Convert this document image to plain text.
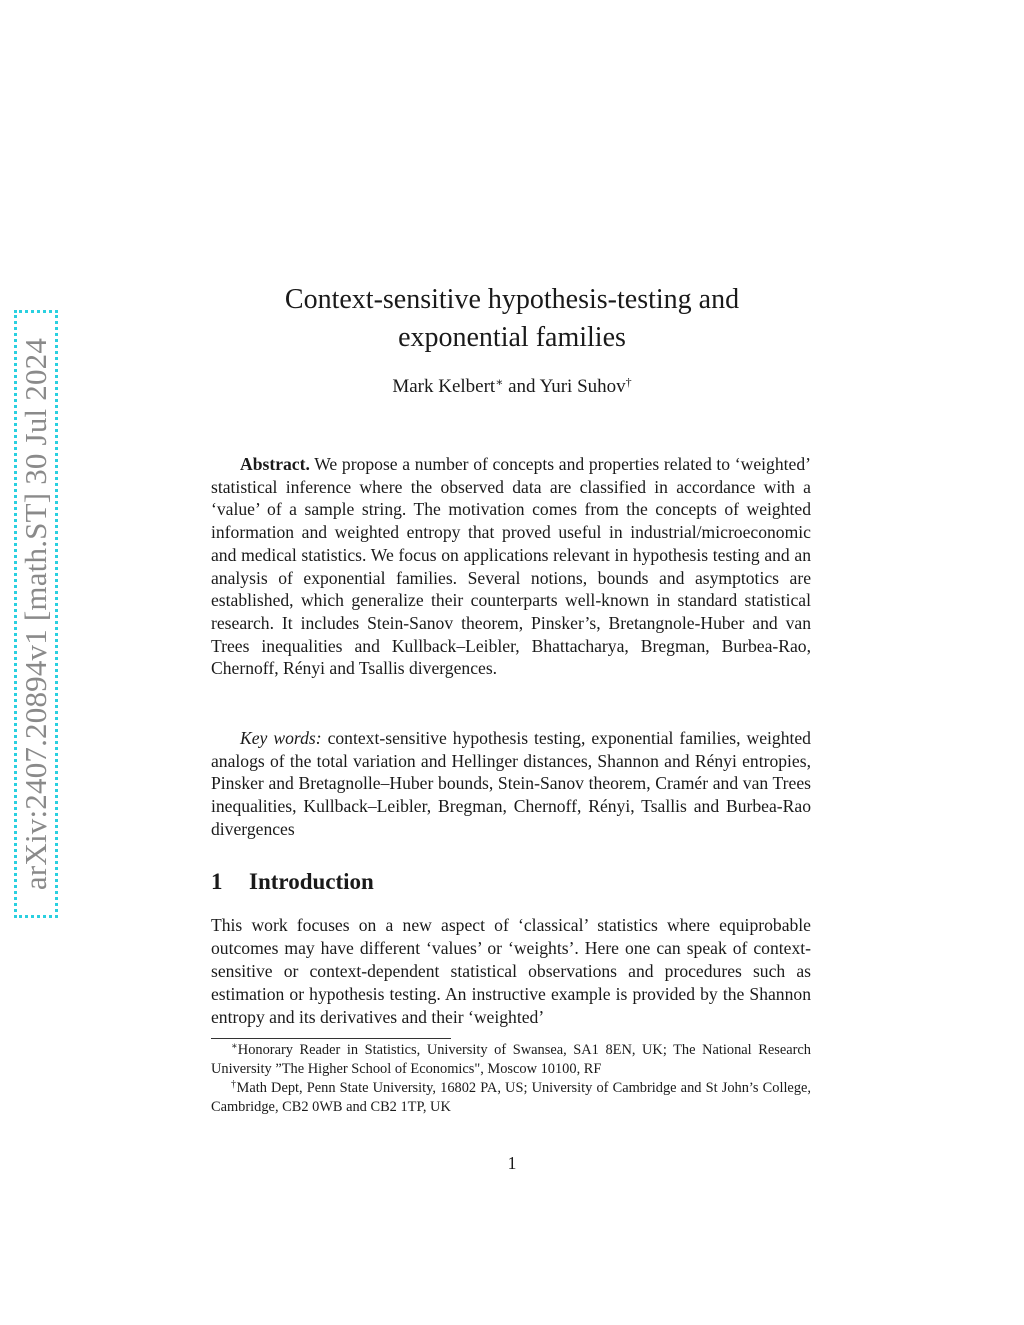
arXiv:2407.20894v1 [math.ST] 30 Jul 2024
Context-sensitive hypothesis-testing and
exponential families
Mark Kelbert∗ and Yuri Suhov†
Abstract. We propose a number of concepts and properties related to ‘weighted’ statistical inference where the observed data are classified in accordance with a ‘value’ of a sample string. The motivation comes from the concepts of weighted information and weighted entropy that proved useful in industrial/microeconomic and medical statistics. We focus on applications relevant in hypothesis testing and an analysis of exponential families. Several notions, bounds and asymptotics are established, which generalize their counterparts well-known in standard statistical research. It includes Stein-Sanov theorem, Pinsker’s, Bretangnole-Huber and van Trees inequalities and Kullback–Leibler, Bhattacharya, Bregman, Burbea-Rao, Chernoff, Rényi and Tsallis divergences.
Key words: context-sensitive hypothesis testing, exponential families, weighted analogs of the total variation and Hellinger distances, Shannon and Rényi entropies, Pinsker and Bretagnolle–Huber bounds, Stein-Sanov theorem, Cramér and van Trees inequalities, Kullback–Leibler, Bregman, Chernoff, Rényi, Tsallis and Burbea-Rao divergences
1 Introduction
This work focuses on a new aspect of ‘classical’ statistics where equiprobable outcomes may have different ‘values’ or ‘weights’. Here one can speak of context-sensitive or context-dependent statistical observations and procedures such as estimation or hypothesis testing. An instructive example is provided by the Shannon entropy and its derivatives and their ‘weighted’

∗Honorary Reader in Statistics, University of Swansea, SA1 8EN, UK; The National Research University ”The Higher School of Economics", Moscow 10100, RF

†Math Dept, Penn State University, 16802 PA, US; University of Cambridge and St John’s College, Cambridge, CB2 0WB and CB2 1TP, UK

1
